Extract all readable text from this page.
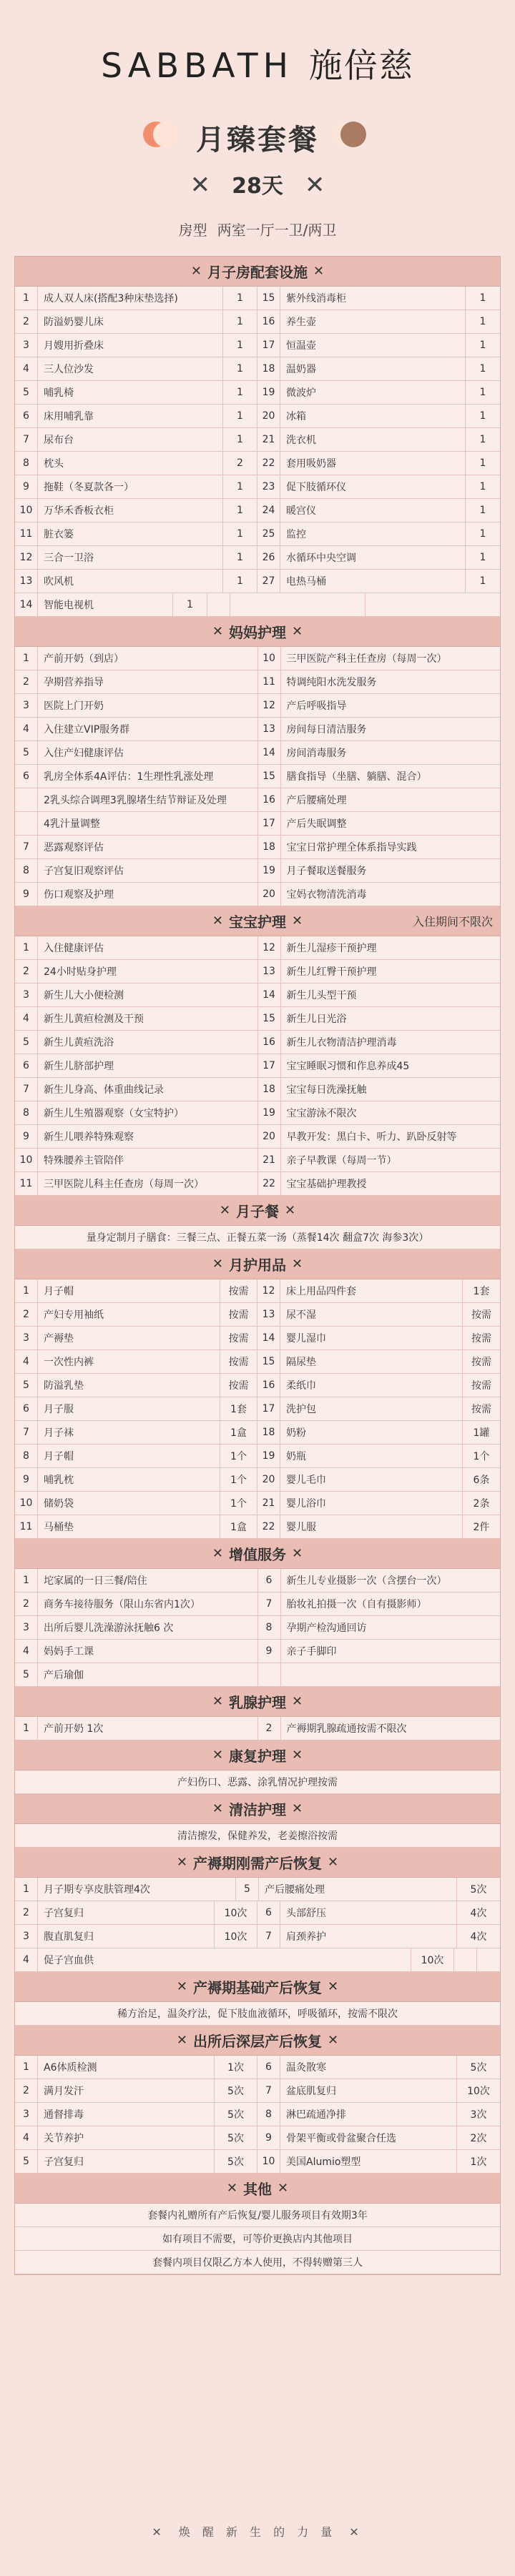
SABBATH 施倍慈
月臻套餐
✕ 28天 ✕
房型 两室一厅一卫/两卫
✕ 月子房配套设施 ✕
1	成人双人床(搭配3种床垫选择)	1	15	紫外线消毒柜	1
2	防溢奶婴儿床	1	16	养生壶	1
3	月嫂用折叠床	1	17	恒温壶	1
4	三人位沙发	1	18	温奶器	1
5	哺乳椅	1	19	微波炉	1
6	床用哺乳靠	1	20	冰箱	1
7	尿布台	1	21	洗衣机	1
8	枕头	2	22	套用吸奶器	1
9	拖鞋（冬夏款各一）	1	23	促下肢循环仪	1
10	万华禾香板衣柜	1	24	暖宫仪	1
11	脏衣篓	1	25	监控	1
12	三合一卫浴	1	26	水循环中央空调	1
13	吹风机	1	27	电热马桶	1
14	智能电视机	1
✕ 妈妈护理 ✕
1	产前开奶（到店）	10	三甲医院产科主任查房（每周一次）
2	孕期营养指导	11	特调纯阳水洗发服务
3	医院上门开奶	12	产后呼吸指导
4	入住建立VIP服务群	13	房间每日清洁服务
5	入住产妇健康评估	14	房间消毒服务
6	乳房全体系4A评估：1生理性乳涨处理	15	膳食指导（坐膳、躺膳、混合）
2乳头综合调理3乳腺堵生结节辩证及处理	16	产后腰痛处理
4乳汁量调整	17	产后失眠调整
7	恶露观察评估	18	宝宝日常护理全体系指导实践
8	子宫复旧观察评估	19	月子餐取送餐服务
9	伤口观察及护理	20	宝妈衣物清洗消毒
✕ 宝宝护理 ✕	入住期间不限次
1	入住健康评估	12	新生儿湿疹干预护理
2	24小时贴身护理	13	新生儿红臀干预护理
3	新生儿大小便检测	14	新生儿头型干预
4	新生儿黄疸检测及干预	15	新生儿日光浴
5	新生儿黄疸洗浴	16	新生儿衣物清洁护理消毒
6	新生儿脐部护理	17	宝宝睡眠习惯和作息养成45
7	新生儿身高、体重曲线记录	18	宝宝每日洗澡抚触
8	新生儿生殖器观察（女宝特护）	19	宝宝游泳不限次
9	新生儿喂养特殊观察	20	早教开发：黑白卡、听力、趴卧反射等
10	特殊腰养主管陪伴	21	亲子早教课（每周一节）
11	三甲医院儿科主任查房（每周一次）	22	宝宝基础护理教授
✕ 月子餐 ✕
量身定制月子膳食：三餐三点、正餐五菜一汤（蒸餐14次 翻盒7次 海参3次）
✕ 月护用品 ✕
1	月子帽	按需	12	床上用品四件套	1套
2	产妇专用袖纸	按需	13	尿不湿	按需
3	产褥垫	按需	14	婴儿湿巾	按需
4	一次性内裤	按需	15	隔尿垫	按需
5	防溢乳垫	按需	16	柔纸巾	按需
6	月子服	1套	17	洗护包	按需
7	月子袜	1盒	18	奶粉	1罐
8	月子帽	1个	19	奶瓶	1个
9	哺乳枕	1个	20	婴儿毛巾	6条
10	储奶袋	1个	21	婴儿浴巾	2条
11	马桶垫	1盒	22	婴儿服	2件
✕ 增值服务 ✕
1	坨家属的一日三餐/陪住	6	新生儿专业摄影一次（含摆台一次）
2	商务车接待服务（限山东省内1次）	7	胎妆礼拍摄一次（自有摄影师）
3	出所后婴儿洗澡游泳抚触6 次	8	孕期产检沟通回访
4	妈妈手工课	9	亲子手脚印
5	产后瑜伽
✕ 乳腺护理 ✕
1	产前开奶 1次	2	产褥期乳腺疏通按需不限次
✕ 康复护理 ✕
产妇伤口、恶露、涂乳情况护理按需
✕ 清洁护理 ✕
清洁擦发，保健养发，老姜擦浴按需
✕ 产褥期刚需产后恢复 ✕
1	月子期专享皮肤管理4次	5	产后腰痛处理	5次
2	子宫复归	10次	6	头部舒压	4次
3	腹直肌复归	10次	7	肩颈养护	4次
4	促子宫血供	10次
✕ 产褥期基础产后恢复 ✕
稀方治足，温灸疗法，促下肢血液循环，呼吸循环，按需不限次
✕ 出所后深层产后恢复 ✕
1	A6体质检测	1次	6	温灸散寒	5次
2	满月发汗	5次	7	盆底肌复归	10次
3	通督排毒	5次	8	淋巴疏通净排	3次
4	关节养护	5次	9	骨架平衡或骨盆聚合任选	2次
5	子宫复归	5次	10	美国Alumio塑型	1次
✕ 其他 ✕
套餐内礼赠所有产后恢复/婴儿服务项目有效期3年
如有项目不需要，可等价更换店内其他项目
套餐内项目仅限乙方本人使用，不得转赠第三人
✕ 焕 醒 新 生 的 力 量 ✕
